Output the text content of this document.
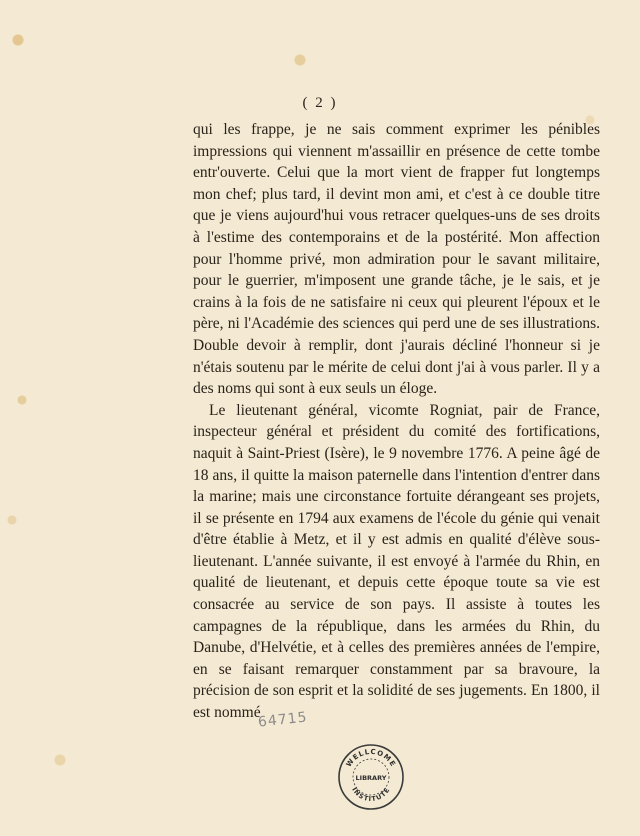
( 2 )

qui les frappe, je ne sais comment exprimer les pénibles impressions qui viennent m'assaillir en présence de cette tombe entr'ouverte. Celui que la mort vient de frapper fut longtemps mon chef; plus tard, il devint mon ami, et c'est à ce double titre que je viens aujourd'hui vous retracer quelques-uns de ses droits à l'estime des contemporains et de la postérité. Mon affection pour l'homme privé, mon admiration pour le savant militaire, pour le guerrier, m'imposent une grande tâche, je le sais, et je crains à la fois de ne satisfaire ni ceux qui pleurent l'époux et le père, ni l'Académie des sciences qui perd une de ses illustrations. Double devoir à remplir, dont j'aurais décliné l'honneur si je n'étais soutenu par le mérite de celui dont j'ai à vous parler. Il y a des noms qui sont à eux seuls un éloge.

Le lieutenant général, vicomte Rogniat, pair de France, inspecteur général et président du comité des fortifications, naquit à Saint-Priest (Isère), le 9 novembre 1776. A peine âgé de 18 ans, il quitte la maison paternelle dans l'intention d'entrer dans la marine; mais une circonstance fortuite dérangeant ses projets, il se présente en 1794 aux examens de l'école du génie qui venait d'être établie à Metz, et il y est admis en qualité d'élève sous-lieutenant. L'année suivante, il est envoyé à l'armée du Rhin, en qualité de lieutenant, et depuis cette époque toute sa vie est consacrée au service de son pays. Il assiste à toutes les campagnes de la république, dans les armées du Rhin, du Danube, d'Helvétie, et à celles des premières années de l'empire, en se faisant remarquer constamment par sa bravoure, la précision de son esprit et la solidité de ses jugements. En 1800, il est nommé

64715
WELLCOME
LIBRARY
INSTITUTE
